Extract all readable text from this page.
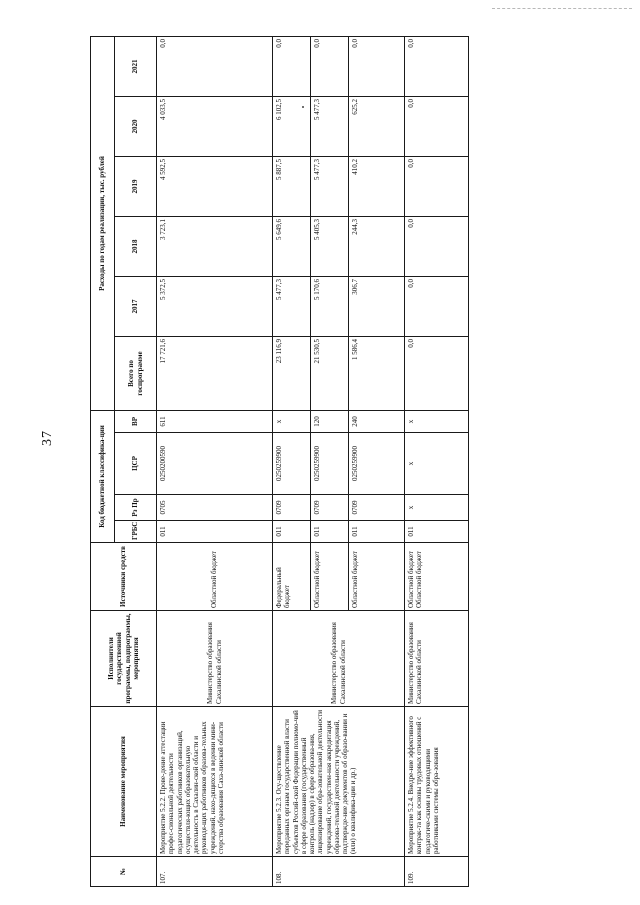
37
№	Наименование мероприятия	Исполнители государственной программы, подпрограммы, мероприятия	Источники средств	Код бюджетной классифика-ции				Расходы по годам реализации, тыс. рублей					
				ГРБС	Рз Пр	ЦСР	ВР	Всего по госпрограмме	2017	2018	2019	2020	2021
107.	Мероприятие 5.2.2. Прове-дение аттестации профес-сиональной деятельности педагогических работников организаций, осуществля-ющих образовательную деятельность в Сахалин-ской области и руководя-щих работников образова-тельных учреждений, нахо-дящихся в ведении мини-стерства образования Саха-линской области	Министерство образования Сахалинской области	Областной бюджет	011	0705	0250200590	611	17 721,6	5 372,5	3 723,1	4 592,5	4 033,5	0,0
108.	Мероприятие 5.2.3. Осу-ществление переданных органам государственной власти субъектов Россий-ской Федерации полномо-чий в сфере образования (государственный контроль (надзор) в сфере образова-ния, лицензирование обра-зовательной деятельности учреждений, государствен-ная аккредитация образова-тельной деятельности учреждений, подтвержде-ние документов об образо-вании и (или) о квалифика-ции и др.)	Министерство образования Сахалинской области	Федеральный бюджет	011	0709	0250259900	х	23 116,9	5 477,3	5 649,6	5 887,5	6 102,5	0,0
			Областной бюджет	011	0709	0250259900	120	21 530,5	5 170,6	5 405,3	5 477,3	5 477,3	0,0
			Областной бюджет	011	0709	0250259900	240	1 586,4	306,7	244,3	410,2	625,2	0,0
109.	Мероприятие 5.2.4. Внедре-ние эффективного контрак-та как основы трудовых отношений с педагогиче-скими и руководящими работниками системы обра-зования	Министерство образования Сахалинской области	Областной бюджет Областной бюджет	011	х	х	х	0,0	0,0	0,0	0,0	0,0	0,0
